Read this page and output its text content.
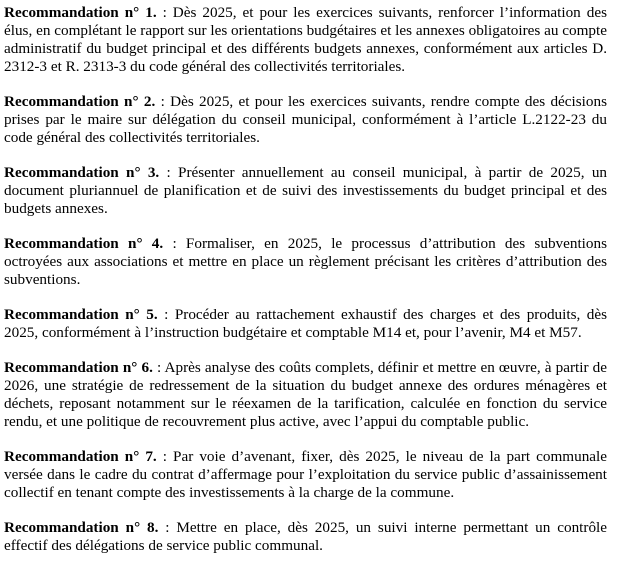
Recommandation n° 1. : Dès 2025, et pour les exercices suivants, renforcer l’information des élus, en complétant le rapport sur les orientations budgétaires et les annexes obligatoires au compte administratif du budget principal et des différents budgets annexes, conformément aux articles D. 2312-3 et R. 2313-3 du code général des collectivités territoriales.

Recommandation n° 2. : Dès 2025, et pour les exercices suivants, rendre compte des décisions prises par le maire sur délégation du conseil municipal, conformément à l’article L.2122-23 du code général des collectivités territoriales.

Recommandation n° 3. : Présenter annuellement au conseil municipal, à partir de 2025, un document pluriannuel de planification et de suivi des investissements du budget principal et des budgets annexes.

Recommandation n° 4. : Formaliser, en 2025, le processus d’attribution des subventions octroyées aux associations et mettre en place un règlement précisant les critères d’attribution des subventions.

Recommandation n° 5. : Procéder au rattachement exhaustif des charges et des produits, dès 2025, conformément à l’instruction budgétaire et comptable M14 et, pour l’avenir, M4 et M57.

Recommandation n° 6. : Après analyse des coûts complets, définir et mettre en œuvre, à partir de 2026, une stratégie de redressement de la situation du budget annexe des ordures ménagères et déchets, reposant notamment sur le réexamen de la tarification, calculée en fonction du service rendu, et une politique de recouvrement plus active, avec l’appui du comptable public.

Recommandation n° 7. : Par voie d’avenant, fixer, dès 2025, le niveau de la part communale versée dans le cadre du contrat d’affermage pour l’exploitation du service public d’assainissement collectif en tenant compte des investissements à la charge de la commune.

Recommandation n° 8. : Mettre en place, dès 2025, un suivi interne permettant un contrôle effectif des délégations de service public communal.
